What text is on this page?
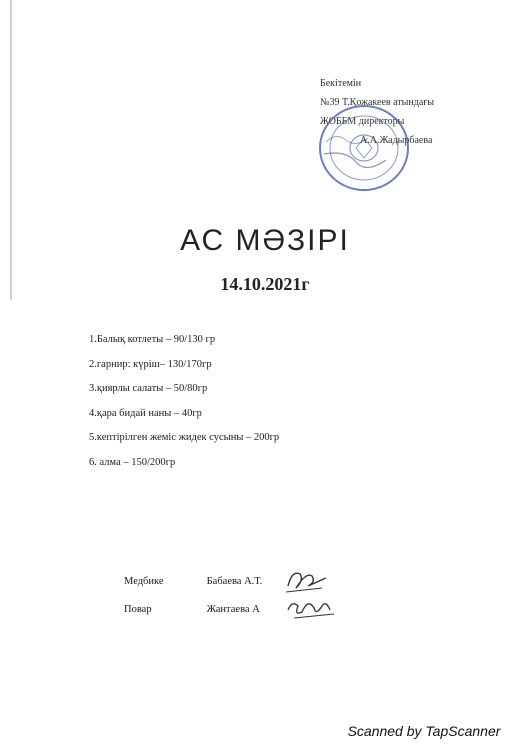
Бекітемін
№39 Т.Қожакеев атындағы
ЖОББМ директоры
А.А.Жадырбаева
АС МӘЗІРІ
14.10.2021г
1.Балық котлеты – 90/130 гр
2.гарнир: күріш– 130/170гр
3.қиярлы салаты – 50/80гр
4.қара бидай наны – 40гр
5.кептірілген жеміс жидек сусыны – 200гр
6. алма – 150/200гр
Медбике	Бабаева А.Т.
Повар	Жантаева А
Scanned by TapScanner
